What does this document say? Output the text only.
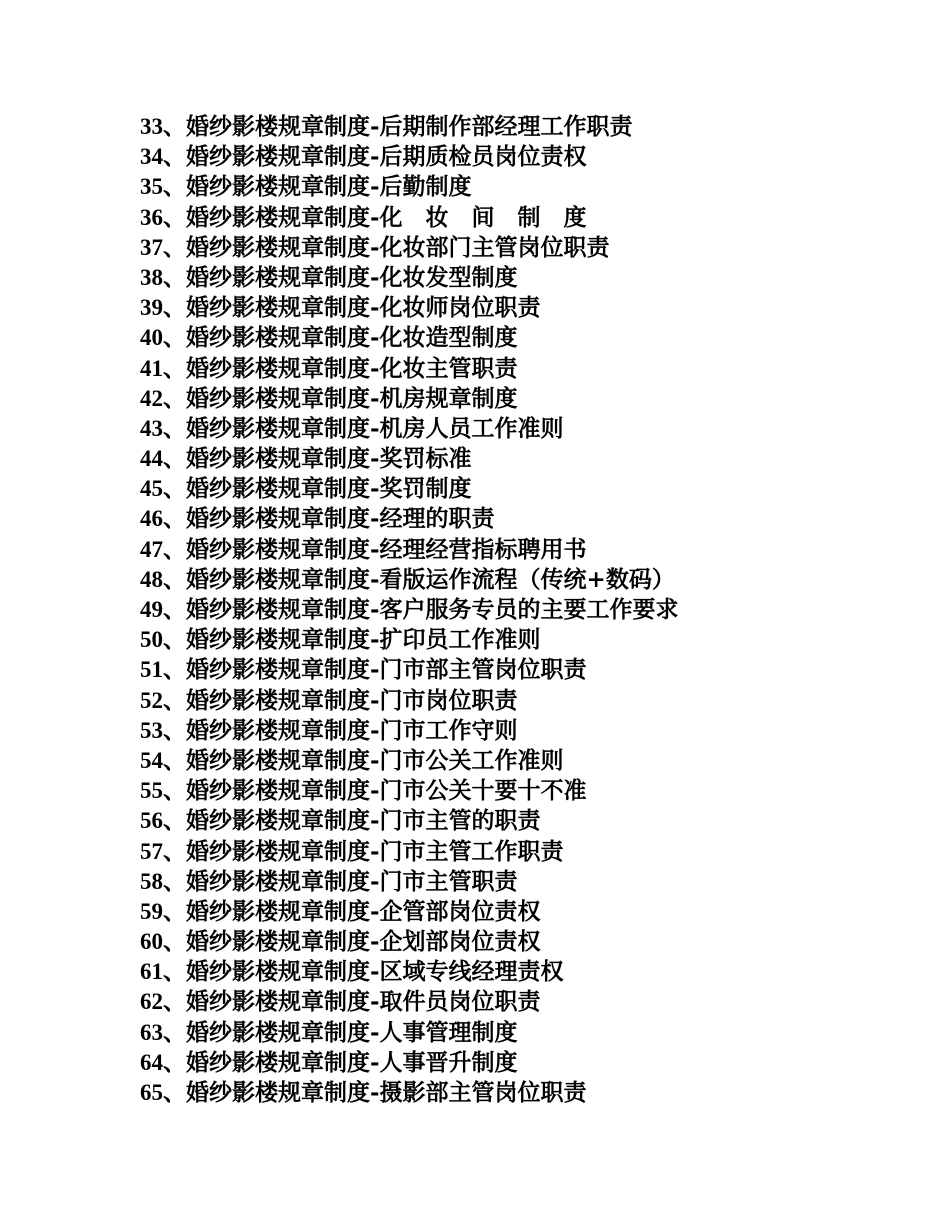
33、婚纱影楼规章制度-后期制作部经理工作职责
34、婚纱影楼规章制度-后期质检员岗位责权
35、婚纱影楼规章制度-后勤制度
36、婚纱影楼规章制度-化　妆　间　制　度
37、婚纱影楼规章制度-化妆部门主管岗位职责
38、婚纱影楼规章制度-化妆发型制度
39、婚纱影楼规章制度-化妆师岗位职责
40、婚纱影楼规章制度-化妆造型制度
41、婚纱影楼规章制度-化妆主管职责
42、婚纱影楼规章制度-机房规章制度
43、婚纱影楼规章制度-机房人员工作准则
44、婚纱影楼规章制度-奖罚标准
45、婚纱影楼规章制度-奖罚制度
46、婚纱影楼规章制度-经理的职责
47、婚纱影楼规章制度-经理经营指标聘用书
48、婚纱影楼规章制度-看版运作流程（传统+数码）
49、婚纱影楼规章制度-客户服务专员的主要工作要求
50、婚纱影楼规章制度-扩印员工作准则
51、婚纱影楼规章制度-门市部主管岗位职责
52、婚纱影楼规章制度-门市岗位职责
53、婚纱影楼规章制度-门市工作守则
54、婚纱影楼规章制度-门市公关工作准则
55、婚纱影楼规章制度-门市公关十要十不准
56、婚纱影楼规章制度-门市主管的职责
57、婚纱影楼规章制度-门市主管工作职责
58、婚纱影楼规章制度-门市主管职责
59、婚纱影楼规章制度-企管部岗位责权
60、婚纱影楼规章制度-企划部岗位责权
61、婚纱影楼规章制度-区域专线经理责权
62、婚纱影楼规章制度-取件员岗位职责
63、婚纱影楼规章制度-人事管理制度
64、婚纱影楼规章制度-人事晋升制度
65、婚纱影楼规章制度-摄影部主管岗位职责
